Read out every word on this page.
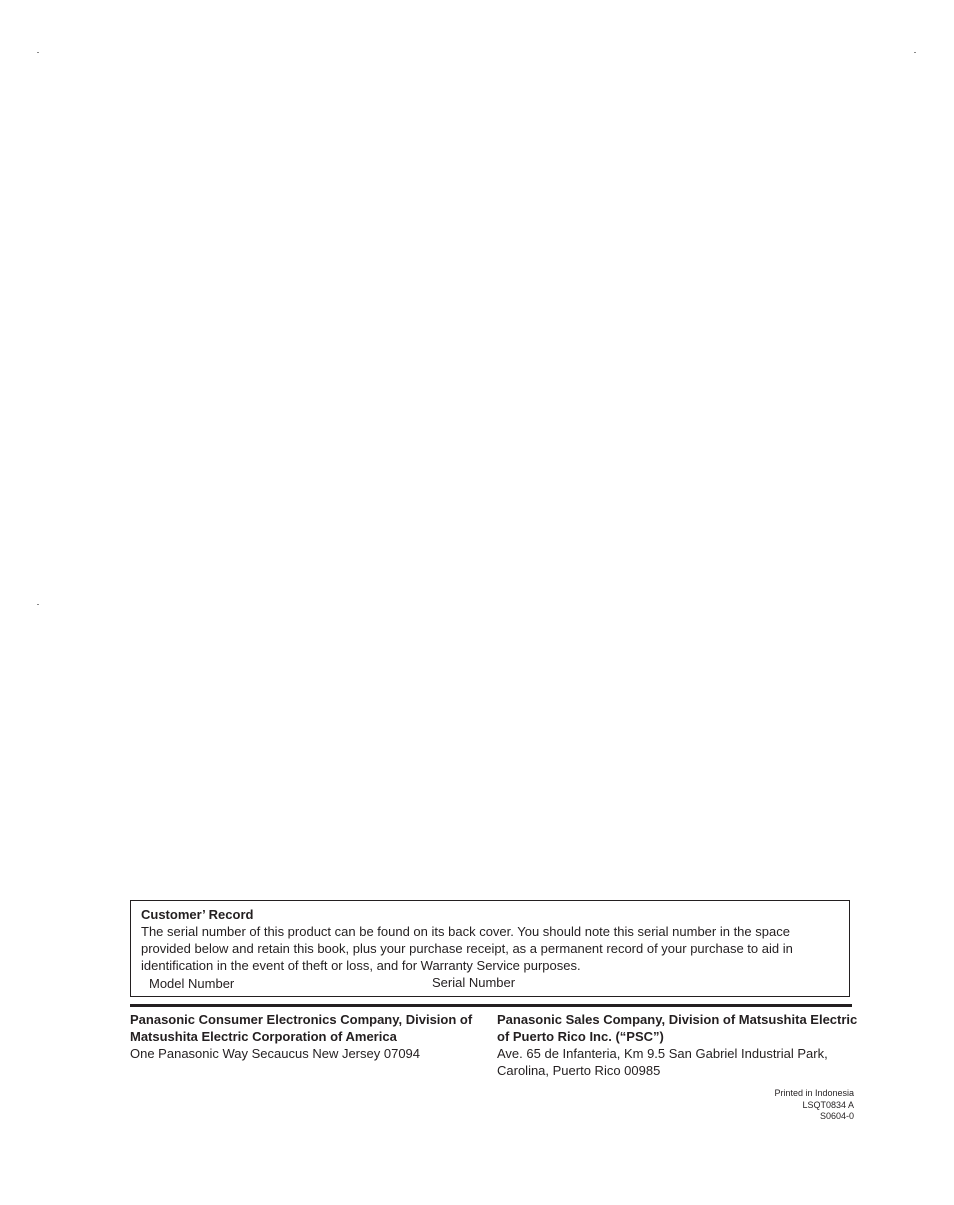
Customer’ Record

The serial number of this product can be found on its back cover. You should note this serial number in the space provided below and retain this book, plus your purchase receipt, as a permanent record of your purchase to aid in identification in the event of theft or loss, and for Warranty Service purposes.

Model Number	Serial Number
Panasonic Consumer Electronics Company, Division of Matsushita Electric Corporation of America
One Panasonic Way Secaucus New Jersey 07094
Panasonic Sales Company, Division of Matsushita Electric of Puerto Rico Inc. (“PSC”)
Ave. 65 de Infanteria, Km 9.5 San Gabriel Industrial Park, Carolina, Puerto Rico 00985
Printed in Indonesia
LSQT0834 A
S0604-0
